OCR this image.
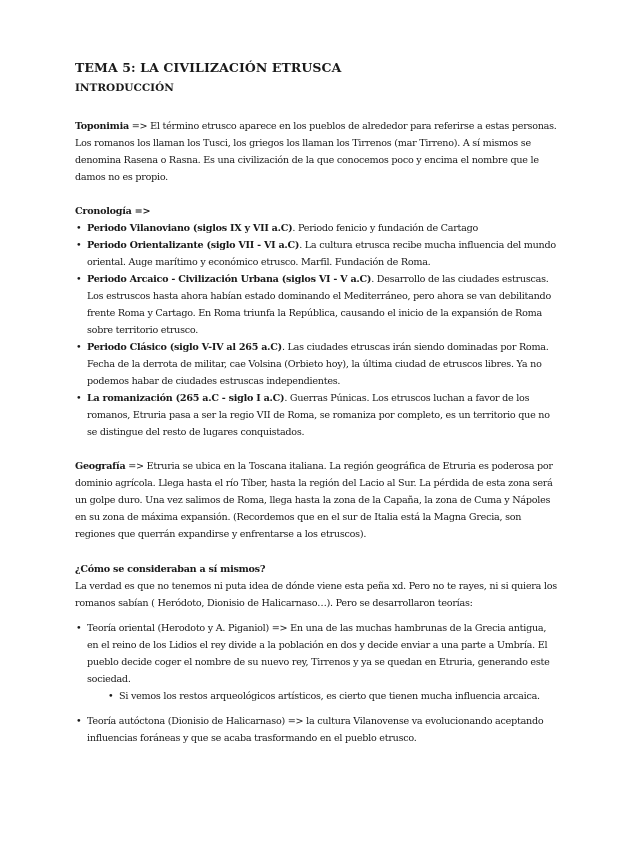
TEMA 5: LA CIVILIZACIÓN ETRUSCA
INTRODUCCIÓN
Toponimia => El término etrusco aparece en los pueblos de alrededor para referirse a estas personas. Los romanos los llaman los Tusci, los griegos los llaman los Tirrenos (mar Tirreno). A sí mismos se denomina Rasena o Rasna. Es una civilización de la que conocemos poco y encima el nombre que le damos no es propio.
Cronología =>
• Periodo Vilanoviano (siglos IX y VII a.C). Periodo fenicio y fundación de Cartago
• Periodo Orientalizante (siglo VII - VI a.C). La cultura etrusca recibe mucha influencia del mundo oriental. Auge marítimo y económico etrusco. Marfil. Fundación de Roma.
• Periodo Arcaico - Civilización Urbana (siglos VI - V a.C). Desarrollo de las ciudades estruscas. Los estruscos hasta ahora habían estado dominando el Mediterráneo, pero ahora se van debilitando frente Roma y Cartago. En Roma triunfa la República, causando el inicio de la expansión de Roma sobre territorio etrusco.
• Periodo Clásico (siglo V-IV al 265 a.C). Las ciudades etruscas irán siendo dominadas por Roma. Fecha de la derrota de militar, cae Volsina (Orbieto hoy), la última ciudad de etruscos libres. Ya no podemos habar de ciudades estruscas independientes.
• La romanización (265 a.C - siglo I a.C). Guerras Púnicas. Los etruscos luchan a favor de los romanos, Etruria pasa a ser la regio VII de Roma, se romaniza por completo, es un territorio que no se distingue del resto de lugares conquistados.
Geografía => Etruria se ubica en la Toscana italiana. La región geográfica de Etruria es poderosa por dominio agrícola. Llega hasta el río Tíber, hasta la región del Lacio al Sur. La pérdida de esta zona será un golpe duro. Una vez salimos de Roma, llega hasta la zona de la Capaña, la zona de Cuma y Nápoles en su zona de máxima expansión. (Recordemos que en el sur de Italia está la Magna Grecia, son regiones que querrán expandirse y enfrentarse a los etruscos).
¿Cómo se consideraban a sí mismos?
La verdad es que no tenemos ni puta idea de dónde viene esta peña xd. Pero no te rayes, ni si quiera los romanos sabían ( Heródoto, Dionisio de Halicarnaso…). Pero se desarrollaron teorías:
• Teoría oriental (Herodoto y A. Piganiol) => En una de las muchas hambrunas de la Grecia antigua, en el reino de los Lidios el rey divide a la población en dos y decide enviar a una parte a Umbría. El pueblo decide coger el nombre de su nuevo rey, Tirrenos y ya se quedan en Etruria, generando este sociedad.
• Si vemos los restos arqueológicos artísticos, es cierto que tienen mucha influencia arcaica.
• Teoría autóctona (Dionisio de Halicarnaso) => la cultura Vilanovense va evolucionando aceptando influencias foráneas y que se acaba trasformando en el pueblo etrusco.
